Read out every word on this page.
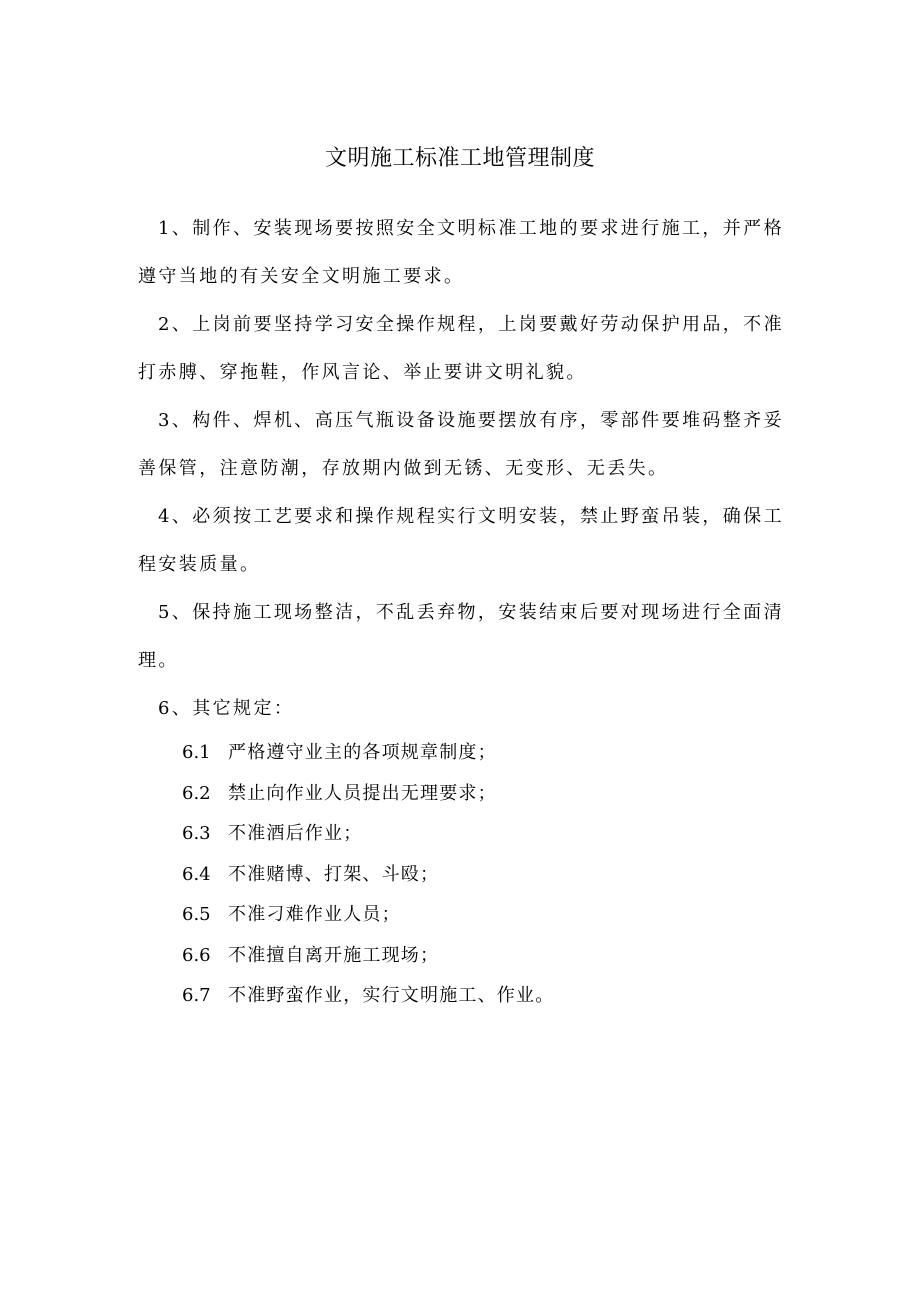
文明施工标准工地管理制度

1、制作、安装现场要按照安全文明标准工地的要求进行施工，并严格遵守当地的有关安全文明施工要求。

2、上岗前要坚持学习安全操作规程，上岗要戴好劳动保护用品，不准打赤膊、穿拖鞋，作风言论、举止要讲文明礼貌。

3、构件、焊机、高压气瓶设备设施要摆放有序，零部件要堆码整齐妥善保管，注意防潮，存放期内做到无锈、无变形、无丢失。

4、必须按工艺要求和操作规程实行文明安装，禁止野蛮吊装，确保工程安装质量。

5、保持施工现场整洁，不乱丢弃物，安装结束后要对现场进行全面清理。

6、其它规定：

6.1 严格遵守业主的各项规章制度；
6.2 禁止向作业人员提出无理要求；
6.3 不准酒后作业；
6.4 不准赌博、打架、斗殴；
6.5 不准刁难作业人员；
6.6 不准擅自离开施工现场；
6.7 不准野蛮作业，实行文明施工、作业。
